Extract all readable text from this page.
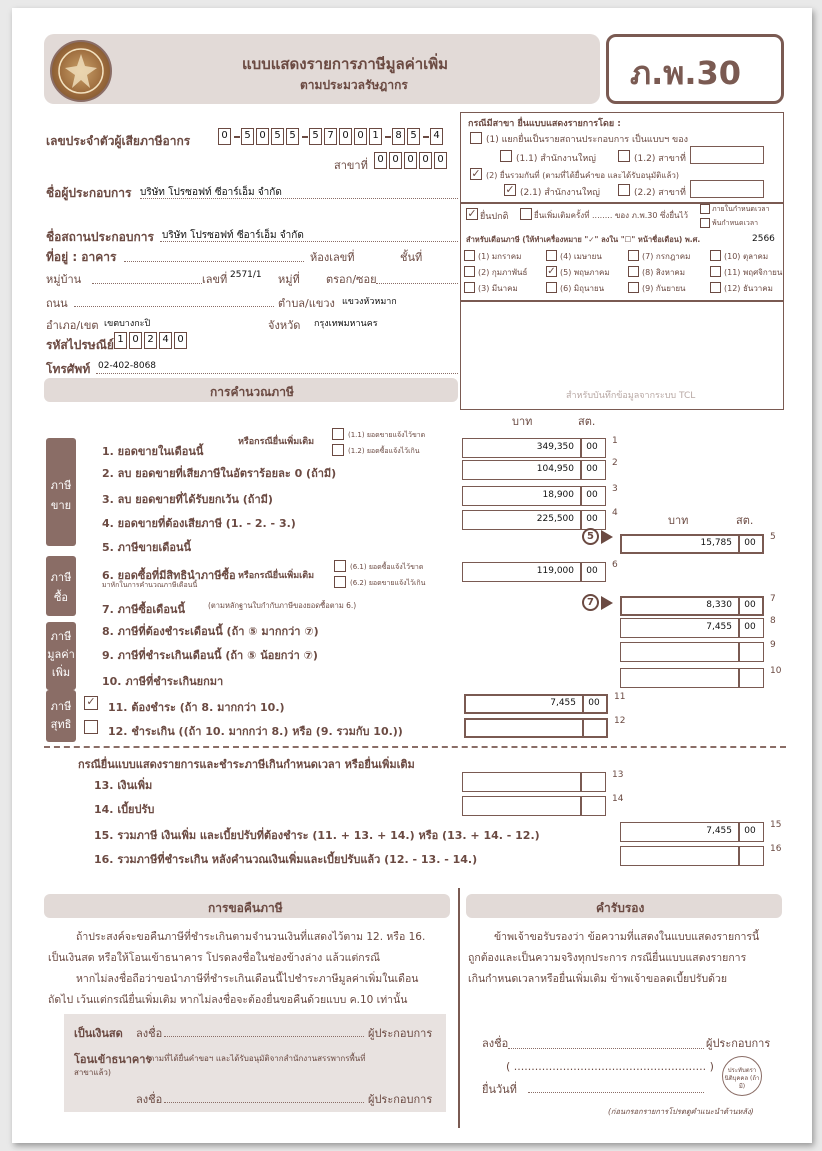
แบบแสดงรายการภาษีมูลค่าเพิ่ม
ตามประมวลรัษฎากร	ภ.พ.30
เลขประจำตัวผู้เสียภาษีอากร	0	5 0 5 5	5 7 0 0 1	8 5	4
สาขาที่ 0 0 0 0 0
ชื่อผู้ประกอบการ บริษัท โปรซอฟท์ ซีอาร์เอ็ม จำกัด
ชื่อสถานประกอบการ บริษัท โปรซอฟท์ ซีอาร์เอ็ม จำกัด
ที่อยู่ : อาคาร	ห้องเลขที่	ชั้นที่
หมู่บ้าน	เลขที่ 2571/1 หมู่ที่ ตรอก/ซอย
ถนน	ตำบล/แขวง แขวงหัวหมาก
อำเภอ/เขต เขตบางกะปิ	จังหวัด กรุงเทพมหานคร
รหัสไปรษณีย์ 1 0 2 4 0
โทรศัพท์ 02-402-8068
กรณีมีสาขา ยื่นแบบแสดงรายการโดย :
(1) แยกยื่นเป็นรายสถานประกอบการ เป็นแบบฯ ของ
(1.1) สำนักงานใหญ่	(1.2) สาขาที่
✓ (2) ยื่นรวมกันที่ (ตามที่ได้ยื่นคำขอ และได้รับอนุมัติแล้ว)
✓ (2.1) สำนักงานใหญ่	(2.2) สาขาที่
✓ ยื่นปกติ	ยื่นเพิ่มเติมครั้งที่ ........ ของ ภ.พ.30 ซึ่งยื่นไว้
ภายในกำหนดเวลา
พ้นกำหนดเวลา
สำหรับเดือนภาษี (ให้ทำเครื่องหมาย "✓" ลงใน "☐" หน้าชื่อเดือน) พ.ศ.	2566
(1) มกราคม
(2) กุมภาพันธ์
(3) มีนาคม
(4) เมษายน
✓ (5) พฤษภาคม
(6) มิถุนายน
(7) กรกฎาคม
(8) สิงหาคม
(9) กันยายน
(10) ตุลาคม
(11) พฤศจิกายน
(12) ธันวาคม
สำหรับบันทึกข้อมูลจากระบบ TCL
การคำนวณภาษี
บาท	สต.
บาท	สต.
ภาษี ขาย
ภาษี ซื้อ
ภาษี มูลค่า เพิ่ม
ภาษี สุทธิ
1. ยอดขายในเดือนนี้	349,350	00
1
2. ลบ ยอดขายที่เสียภาษีในอัตราร้อยละ 0 (ถ้ามี)	104,950	00
2
3. ลบ ยอดขายที่ได้รับยกเว้น (ถ้ามี)	18,900	00
3
4. ยอดขายที่ต้องเสียภาษี (1. - 2. - 3.)	225,500	00
4
5. ภาษีขายเดือนนี้	15,785	00
5
6. ยอดซื้อที่มีสิทธินำภาษีซื้อ	119,000	00
6
7. ภาษีซื้อเดือนนี้	8,330	00
7
8. ภาษีที่ต้องชำระเดือนนี้ (ถ้า ⑤ มากกว่า ⑦)	7,455	00
8
9. ภาษีที่ชำระเกินเดือนนี้ (ถ้า ⑤ น้อยกว่า ⑦)
9
10. ภาษีที่ชำระเกินยกมา
10
11. ต้องชำระ (ถ้า 8. มากกว่า 10.)	7,455	00
11
12. ชำระเกิน ((ถ้า 10. มากกว่า 8.) หรือ (9. รวมกับ 10.))
12
13. เงินเพิ่ม
13
14. เบี้ยปรับ
14
15. รวมภาษี เงินเพิ่ม และเบี้ยปรับที่ต้องชำระ (11. + 13. + 14.) หรือ (13. + 14. - 12.)	7,455	00
15
16. รวมภาษีที่ชำระเกิน หลังคำนวณเงินเพิ่มและเบี้ยปรับแล้ว (12. - 13. - 14.)
16
หรือกรณียื่นเพิ่มเติม
(1.1) ยอดขายแจ้งไว้ขาด
(1.2) ยอดซื้อแจ้งไว้เกิน
5
หรือกรณียื่นเพิ่มเติม
(6.1) ยอดซื้อแจ้งไว้ขาด
(6.2) ยอดขายแจ้งไว้เกิน
มาหักในการคำนวณภาษีเดือนนี้
(ตามหลักฐานใบกำกับภาษีของยอดซื้อตาม 6.)	7
✓
กรณียื่นแบบแสดงรายการและชำระภาษีเกินกำหนดเวลา หรือยื่นเพิ่มเติม
การขอคืนภาษี
ถ้าประสงค์จะขอคืนภาษีที่ชำระเกินตามจำนวนเงินที่แสดงไว้ตาม 12. หรือ 16.
เป็นเงินสด หรือให้โอนเข้าธนาคาร โปรดลงชื่อในช่องข้างล่าง แล้วแต่กรณี
หากไม่ลงชื่อถือว่าขอนำภาษีที่ชำระเกินเดือนนี้ไปชำระภาษีมูลค่าเพิ่มในเดือน
ถัดไป เว้นแต่กรณียื่นเพิ่มเติม หากไม่ลงชื่อจะต้องยื่นขอคืนด้วยแบบ ค.10 เท่านั้น
เป็นเงินสด ลงชื่อ	ผู้ประกอบการ
โอนเข้าธนาคาร
(ตามที่ได้ยื่นคำขอฯ และได้รับอนุมัติจากสำนักงานสรรพากรพื้นที่
สาขาแล้ว)
ลงชื่อ	ผู้ประกอบการ
คำรับรอง
ข้าพเจ้าขอรับรองว่า ข้อความที่แสดงในแบบแสดงรายการนี้
ถูกต้องและเป็นความจริงทุกประการ กรณียื่นแบบแสดงรายการ
เกินกำหนดเวลาหรือยื่นเพิ่มเติม ข้าพเจ้าขอลดเบี้ยปรับด้วย
ลงชื่อ	ผู้ประกอบการ
( ....................................................... )
ยื่นวันที่
ประทับตรา นิติบุคคล (ถ้ามี)
(ก่อนกรอกรายการโปรดดูคำแนะนำด้านหลัง)
